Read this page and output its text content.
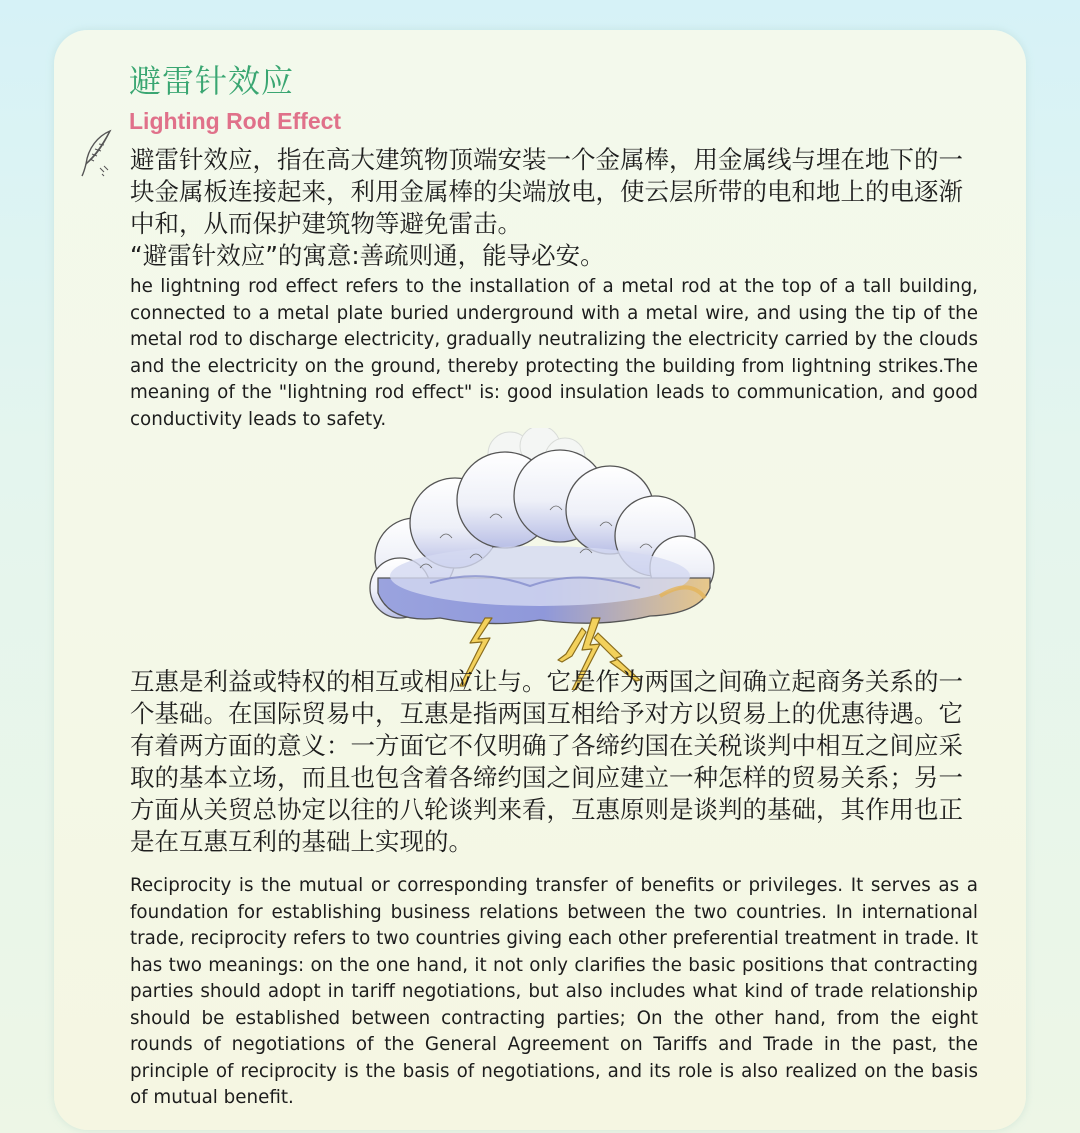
避雷针效应
Lighting Rod Effect

避雷针效应，指在高大建筑物顶端安装一个金属棒，用金属线与埋在地下的一块金属板连接起来，利用金属棒的尖端放电，使云层所带的电和地上的电逐渐中和，从而保护建筑物等避免雷击。

“避雷针效应”的寓意:善疏则通，能导必安。

he lightning rod effect refers to the installation of a metal rod at the top of a tall building, connected to a metal plate buried underground with a metal wire, and using the tip of the metal rod to discharge electricity, gradually neutralizing the electricity carried by the clouds and the electricity on the ground, thereby protecting the building from lightning strikes.The meaning of the "lightning rod effect" is: good insulation leads to communication, and good conductivity leads to safety.

互惠是利益或特权的相互或相应让与。它是作为两国之间确立起商务关系的一个基础。在国际贸易中，互惠是指两国互相给予对方以贸易上的优惠待遇。它有着两方面的意义：一方面它不仅明确了各缔约国在关税谈判中相互之间应采取的基本立场，而且也包含着各缔约国之间应建立一种怎样的贸易关系；另一方面从关贸总协定以往的八轮谈判来看，互惠原则是谈判的基础，其作用也正是在互惠互利的基础上实现的。

Reciprocity is the mutual or corresponding transfer of benefits or privileges. It serves as a foundation for establishing business relations between the two countries. In international trade, reciprocity refers to two countries giving each other preferential treatment in trade. It has two meanings: on the one hand, it not only clarifies the basic positions that contracting parties should adopt in tariff negotiations, but also includes what kind of trade relationship should be established between contracting parties; On the other hand, from the eight rounds of negotiations of the General Agreement on Tariffs and Trade in the past, the principle of reciprocity is the basis of negotiations, and its role is also realized on the basis of mutual benefit.
